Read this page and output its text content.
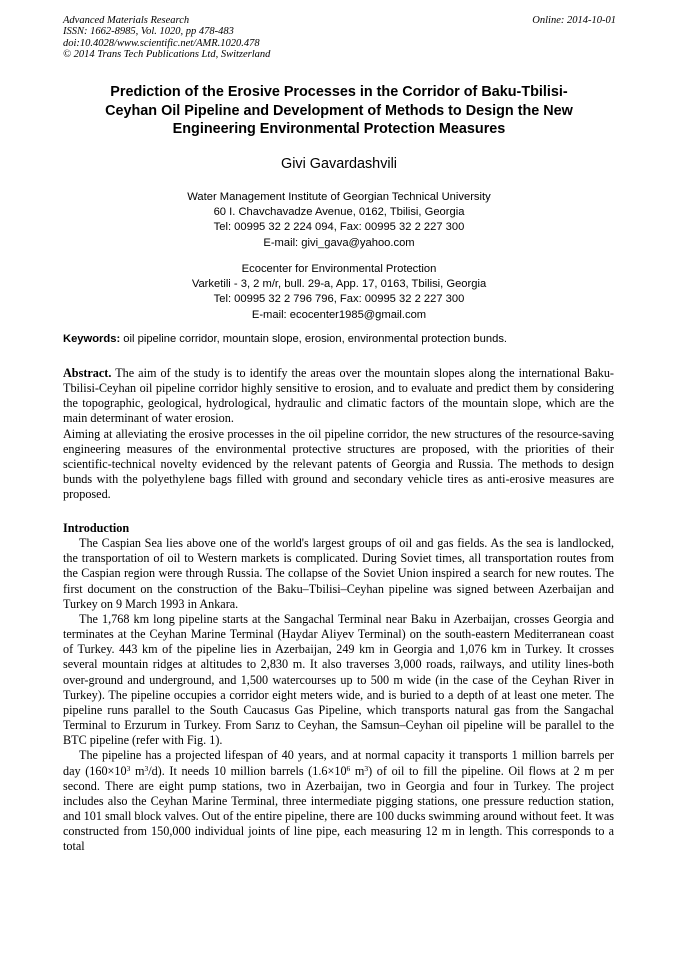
Advanced Materials Research
ISSN: 1662-8985, Vol. 1020, pp 478-483
doi:10.4028/www.scientific.net/AMR.1020.478
© 2014 Trans Tech Publications Ltd, Switzerland
Online: 2014-10-01
Prediction of the Erosive Processes in the Corridor of Baku-Tbilisi-
Ceyhan Oil Pipeline and Development of Methods to Design the New
Engineering Environmental Protection Measures
Givi Gavardashvili
Water Management Institute of Georgian Technical University
60 I. Chavchavadze Avenue, 0162, Tbilisi, Georgia
Tel: 00995 32 2 224 094, Fax: 00995 32 2 227 300
E-mail: givi_gava@yahoo.com
Ecocenter for Environmental Protection
Varketili - 3, 2 m/r, bull. 29-a, App. 17, 0163, Tbilisi, Georgia
Tel: 00995 32 2 796 796, Fax: 00995 32 2 227 300
E-mail: ecocenter1985@gmail.com
Keywords: oil pipeline corridor, mountain slope, erosion, environmental protection bunds.

Abstract. The aim of the study is to identify the areas over the mountain slopes along the international Baku-Tbilisi-Ceyhan oil pipeline corridor highly sensitive to erosion, and to evaluate and predict them by considering the topographic, geological, hydrological, hydraulic and climatic factors of the mountain slope, which are the main determinant of water erosion.

Aiming at alleviating the erosive processes in the oil pipeline corridor, the new structures of the resource-saving engineering measures of the environmental protective structures are proposed, with the priorities of their scientific-technical novelty evidenced by the relevant patents of Georgia and Russia. The methods to design bunds with the polyethylene bags filled with ground and secondary vehicle tires as anti-erosive measures are proposed.

Introduction

The Caspian Sea lies above one of the world's largest groups of oil and gas fields. As the sea is landlocked, the transportation of oil to Western markets is complicated. During Soviet times, all transportation routes from the Caspian region were through Russia. The collapse of the Soviet Union inspired a search for new routes. The first document on the construction of the Baku–Tbilisi–Ceyhan pipeline was signed between Azerbaijan and Turkey on 9 March 1993 in Ankara.

The 1,768 km long pipeline starts at the Sangachal Terminal near Baku in Azerbaijan, crosses Georgia and terminates at the Ceyhan Marine Terminal (Haydar Aliyev Terminal) on the south-eastern Mediterranean coast of Turkey. 443 km of the pipeline lies in Azerbaijan, 249 km in Georgia and 1,076 km in Turkey. It crosses several mountain ridges at altitudes to 2,830 m. It also traverses 3,000 roads, railways, and utility lines-both over-ground and underground, and 1,500 watercourses up to 500 m wide (in the case of the Ceyhan River in Turkey). The pipeline occupies a corridor eight meters wide, and is buried to a depth of at least one meter. The pipeline runs parallel to the South Caucasus Gas Pipeline, which transports natural gas from the Sangachal Terminal to Erzurum in Turkey. From Sarız to Ceyhan, the Samsun–Ceyhan oil pipeline will be parallel to the BTC pipeline (refer with Fig. 1).

The pipeline has a projected lifespan of 40 years, and at normal capacity it transports 1 million barrels per day ($160\times 10^3$ $m^3/d$). It needs 10 million barrels ($1.6\times 10^6$ $m^3$) of oil to fill the pipeline. Oil flows at 2 m per second. There are eight pump stations, two in Azerbaijan, two in Georgia and four in Turkey. The project includes also the Ceyhan Marine Terminal, three intermediate pigging stations, one pressure reduction station, and 101 small block valves. Out of the entire pipeline, there are 100 ducks swimming around without feet. It was constructed from 150,000 individual joints of line pipe, each measuring 12 m in length. This corresponds to a total
